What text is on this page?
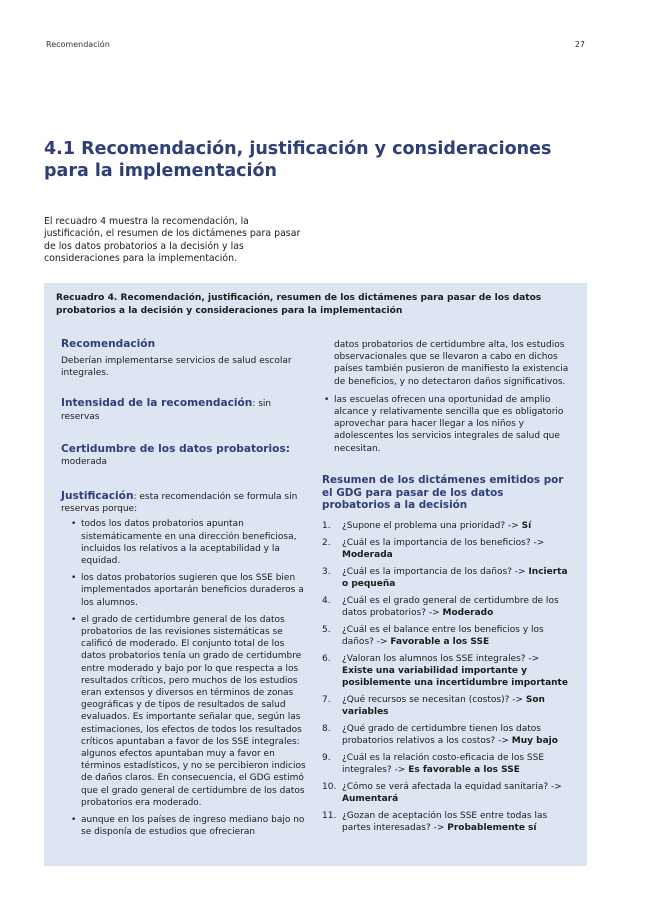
Recomendación	27
4.1 Recomendación, justificación y consideraciones para la implementación

El recuadro 4 muestra la recomendación, la justificación, el resumen de los dictámenes para pasar de los datos probatorios a la decisión y las consideraciones para la implementación.

Recuadro 4. Recomendación, justificación, resumen de los dictámenes para pasar de los datos probatorios a la decisión y consideraciones para la implementación

Recomendación

Deberían implementarse servicios de salud escolar integrales.

Intensidad de la recomendación: sin reservas
Certidumbre de los datos probatorios:
moderada
Justificación: esta recomendación se formula sin reservas porque:
• todos los datos probatorios apuntan sistemáticamente en una dirección beneficiosa, incluidos los relativos a la aceptabilidad y la equidad.
• los datos probatorios sugieren que los SSE bien implementados aportarán beneficios duraderos a los alumnos.
• el grado de certidumbre general de los datos probatorios de las revisiones sistemáticas se calificó de moderado. El conjunto total de los datos probatorios tenía un grado de certidumbre entre moderado y bajo por lo que respecta a los resultados críticos, pero muchos de los estudios eran extensos y diversos en términos de zonas geográficas y de tipos de resultados de salud evaluados. Es importante señalar que, según las estimaciones, los efectos de todos los resultados críticos apuntaban a favor de los SSE integrales: algunos efectos apuntaban muy a favor en términos estadísticos, y no se percibieron indicios de daños claros. En consecuencia, el GDG estimó que el grado general de certidumbre de los datos probatorios era moderado.
• aunque en los países de ingreso mediano bajo no se disponía de estudios que ofrecieran

datos probatorios de certidumbre alta, los estudios observacionales que se llevaron a cabo en dichos países también pusieron de manifiesto la existencia de beneficios, y no detectaron daños significativos.

• las escuelas ofrecen una oportunidad de amplio alcance y relativamente sencilla que es obligatorio aprovechar para hacer llegar a los niños y adolescentes los servicios integrales de salud que necesitan.

Resumen de los dictámenes emitidos por el GDG para pasar de los datos probatorios a la decisión

1. ¿Supone el problema una prioridad? -> Sí
2. ¿Cuál es la importancia de los beneficios? -> Moderada
3. ¿Cuál es la importancia de los daños? -> Incierta o pequeña
4. ¿Cuál es el grado general de certidumbre de los datos probatorios? -> Moderado
5. ¿Cuál es el balance entre los beneficios y los daños? -> Favorable a los SSE
6. ¿Valoran los alumnos los SSE integrales? -> Existe una variabilidad importante y posiblemente una incertidumbre importante
7. ¿Qué recursos se necesitan (costos)? -> Son variables
8. ¿Qué grado de certidumbre tienen los datos probatorios relativos a los costos? -> Muy bajo
9. ¿Cuál es la relación costo-eficacia de los SSE integrales? -> Es favorable a los SSE
10. ¿Cómo se verá afectada la equidad sanitaria? -> Aumentará
11. ¿Gozan de aceptación los SSE entre todas las partes interesadas? -> Probablemente sí
